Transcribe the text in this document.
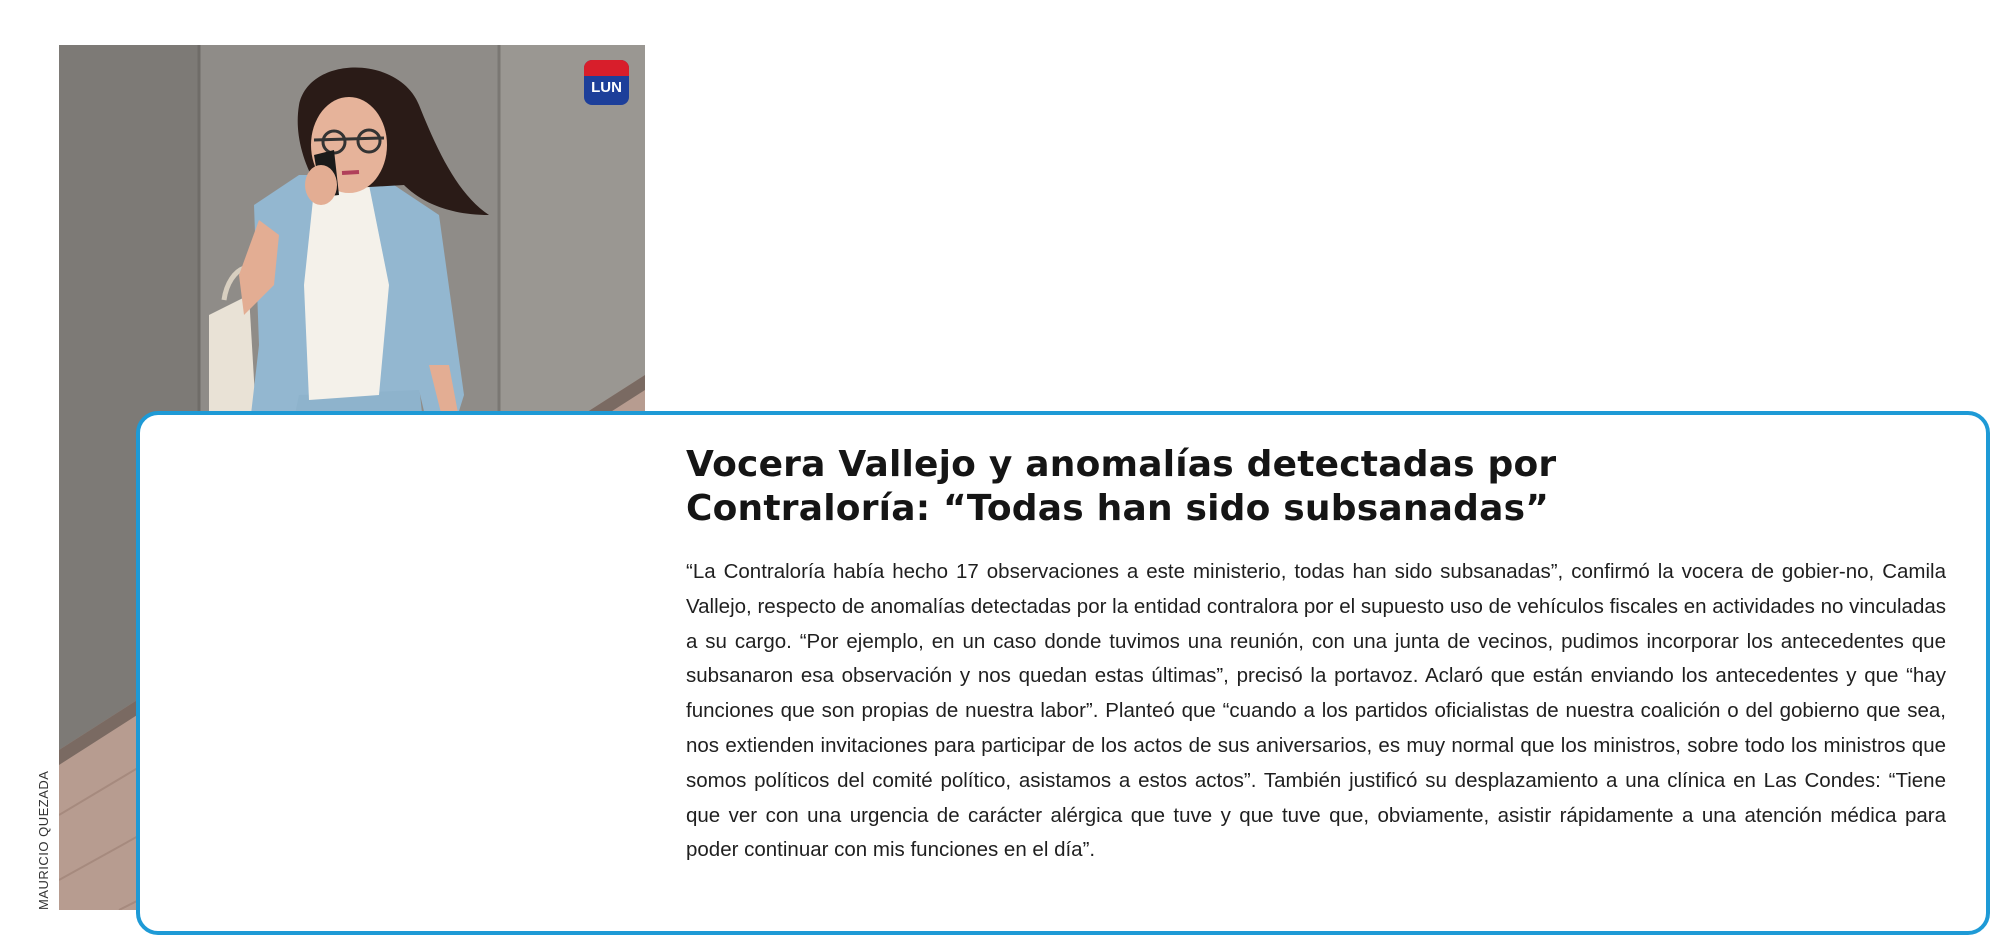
LUN
MAURICIO QUEZADA
Vocera Vallejo y anomalías detectadas por
Contraloría: “Todas han sido subsanadas”

“La Contraloría había hecho 17 observaciones a este ministerio, todas han sido subsanadas”, confirmó la vocera de gobier-no, Camila Vallejo, respecto de anomalías detectadas por la entidad contralora por el supuesto uso de vehículos fiscales en actividades no vinculadas a su cargo. “Por ejemplo, en un caso donde tuvimos una reunión, con una junta de vecinos, pudimos incorporar los antecedentes que subsanaron esa observación y nos quedan estas últimas”, precisó la portavoz. Aclaró que están enviando los antecedentes y que “hay funciones que son propias de nuestra labor”. Planteó que “cuando a los partidos oficialistas de nuestra coalición o del gobierno que sea, nos extienden invitaciones para participar de los actos de sus aniversarios, es muy normal que los ministros, sobre todo los ministros que somos políticos del comité político, asistamos a estos actos”. También justificó su desplazamiento a una clínica en Las Condes: “Tiene que ver con una urgencia de carácter alérgica que tuve y que tuve que, obviamente, asistir rápidamente a una atención médica para poder continuar con mis funciones en el día”.
